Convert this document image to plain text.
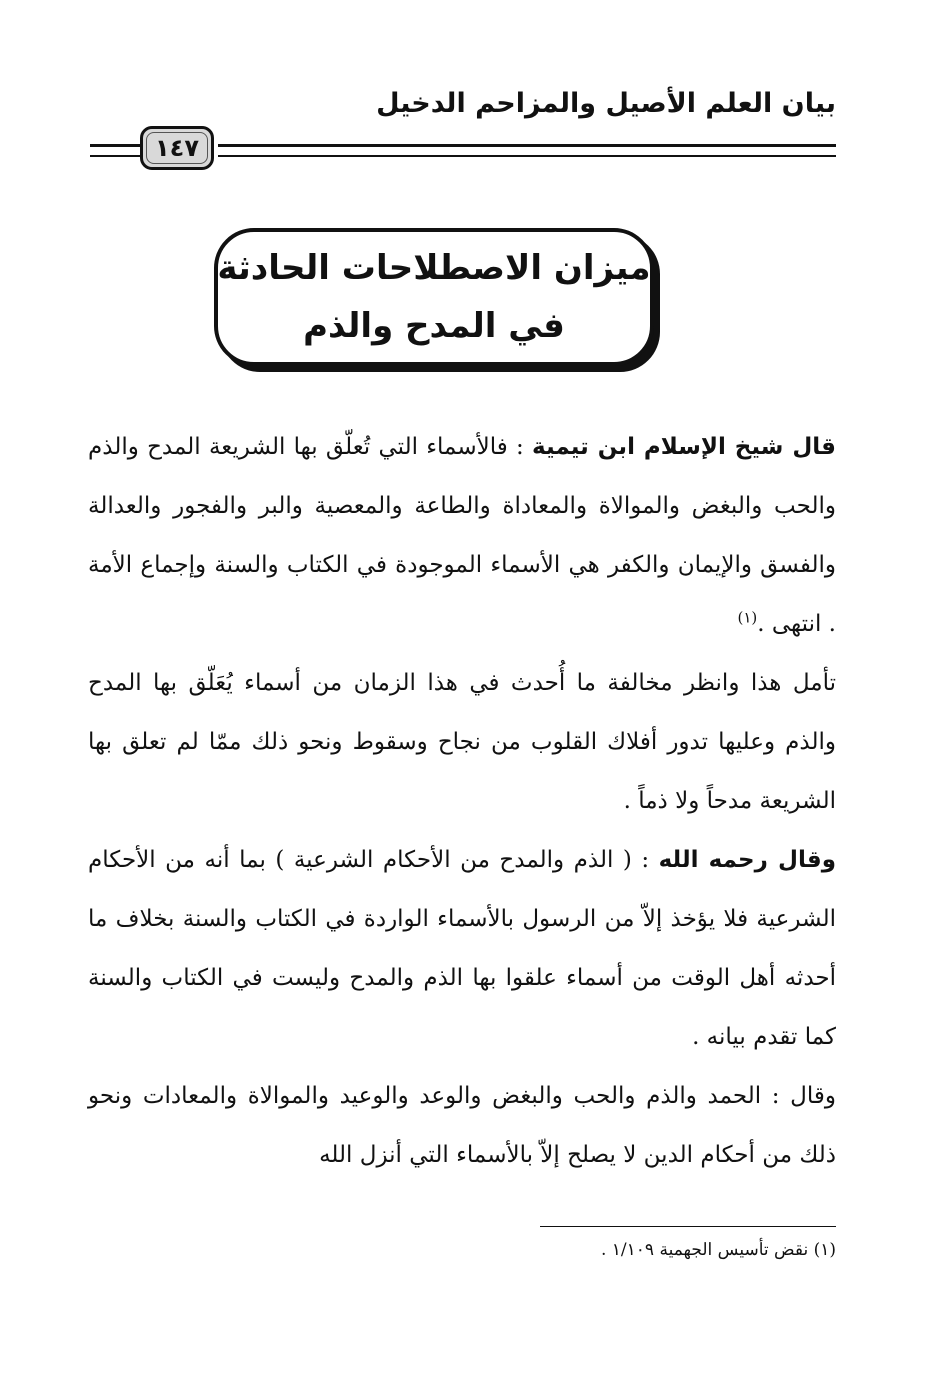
بيان العلم الأصيل والمزاحم الدخيل
١٤٧
ميزان الاصطلاحات الحادثة
في المدح والذم

قال شيخ الإسلام ابن تيمية : فالأسماء التي تُعلّق بها الشريعة المدح والذم والحب والبغض والموالاة والمعاداة والطاعة والمعصية والبر والفجور والعدالة والفسق والإيمان والكفر هي الأسماء الموجودة في الكتاب والسنة وإجماع الأمة . انتهى .$^{(١)}$

تأمل هذا وانظر مخالفة ما أُحدث في هذا الزمان من أسماء يُعَلّق بها المدح والذم وعليها تدور أفلاك القلوب من نجاح وسقوط ونحو ذلك ممّا لم تعلق بها الشريعة مدحاً ولا ذماً .

وقال رحمه الله : ( الذم والمدح من الأحكام الشرعية ) بما أنه من الأحكام الشرعية فلا يؤخذ إلاّ من الرسول بالأسماء الواردة في الكتاب والسنة بخلاف ما أحدثه أهل الوقت من أسماء علقوا بها الذم والمدح وليست في الكتاب والسنة كما تقدم بيانه .

وقال : الحمد والذم والحب والبغض والوعد والوعيد والموالاة والمعادات ونحو ذلك من أحكام الدين لا يصلح إلاّ بالأسماء التي أنزل الله

(١) نقض تأسيس الجهمية ١/١٠٩ .
